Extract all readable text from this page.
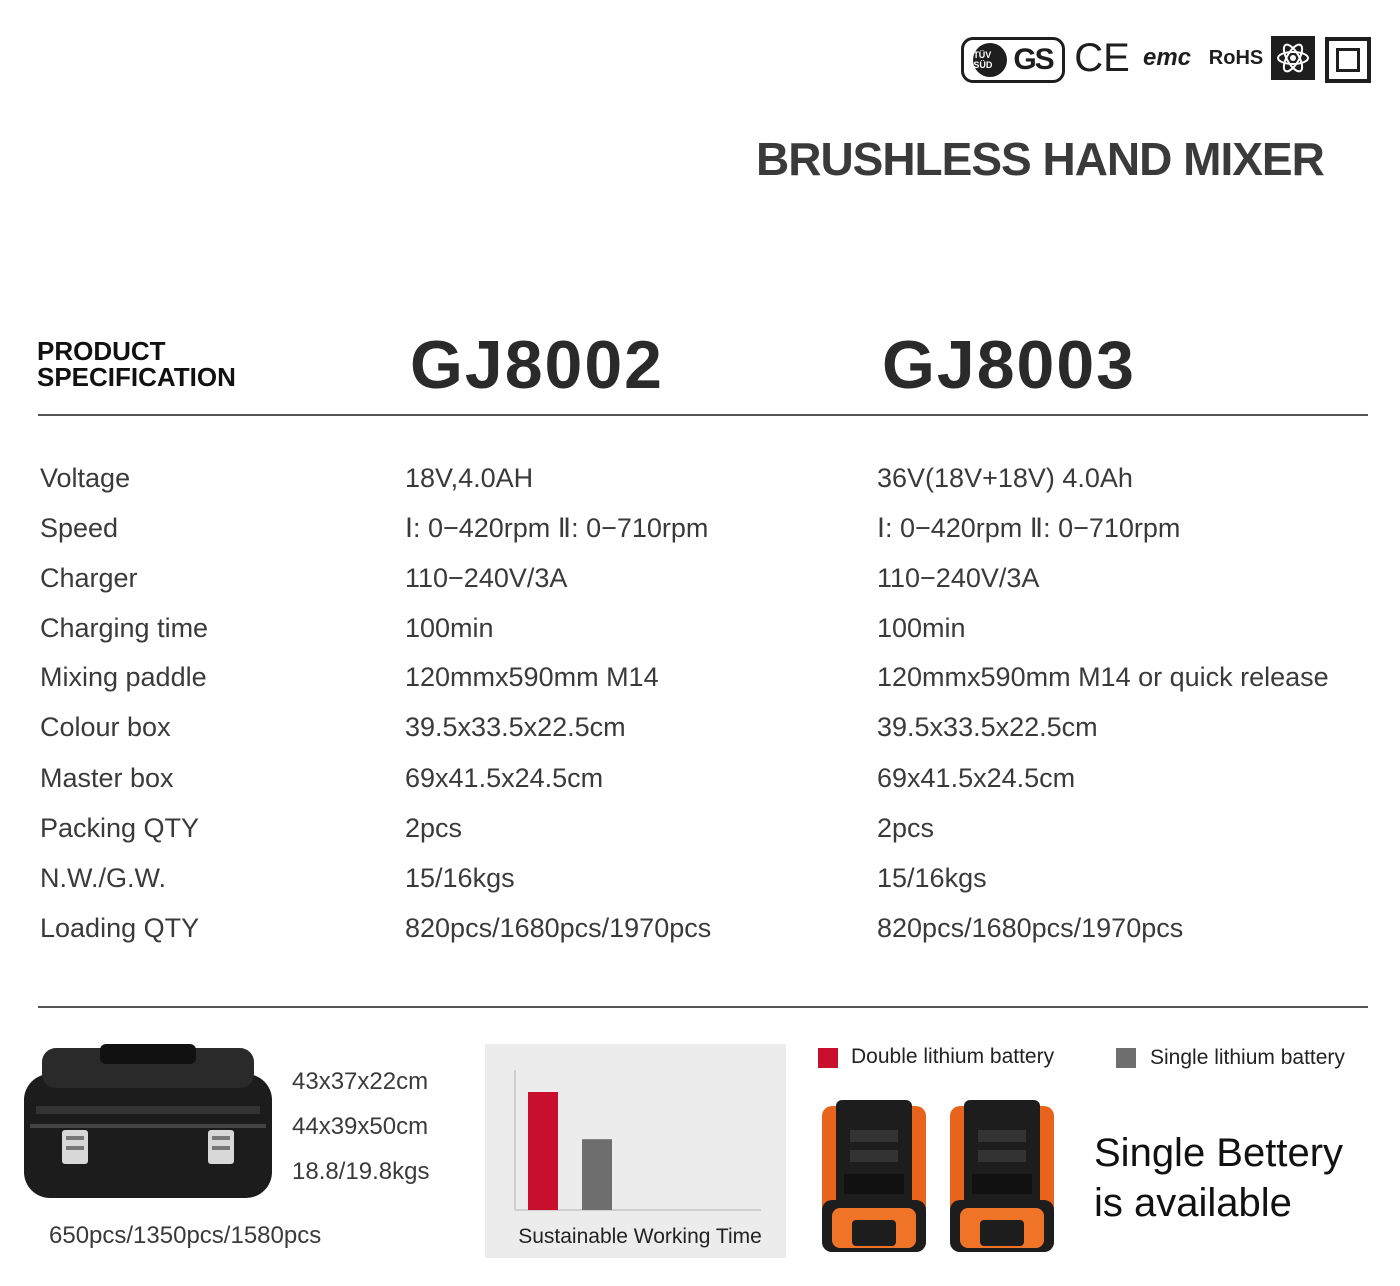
TÜV SÜD GS CE emc RoHS
BRUSHLESS HAND MIXER
PRODUCT
SPECIFICATION	GJ8002	GJ8003
Voltage	18V,4.0AH	36V(18V+18V) 4.0Ah
Speed	Ⅰ: 0−420rpm Ⅱ: 0−710rpm	Ⅰ: 0−420rpm Ⅱ: 0−710rpm
Charger	110−240V/3A	110−240V/3A
Charging time	100min	100min
Mixing paddle	120mmx590mm M14	120mmx590mm M14 or quick release
Colour box	39.5x33.5x22.5cm	39.5x33.5x22.5cm
Master box	69x41.5x24.5cm	69x41.5x24.5cm
Packing QTY	2pcs	2pcs
N.W./G.W.	15/16kgs	15/16kgs
Loading QTY	820pcs/1680pcs/1970pcs	820pcs/1680pcs/1970pcs
43x37x22cm
44x39x50cm
18.8/19.8kgs
650pcs/1350pcs/1580pcs	Sustainable Working Time
Double lithium battery	Single lithium battery
Single Bettery
is available
